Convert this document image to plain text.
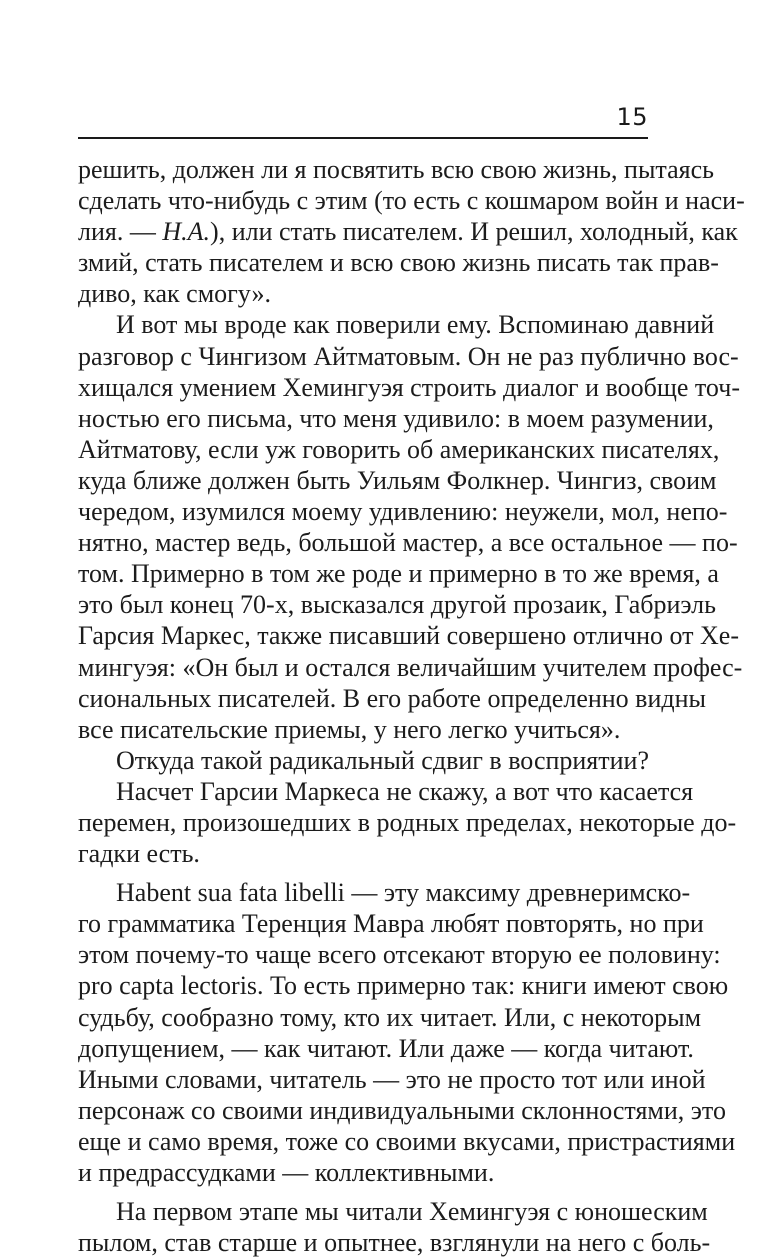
15
решить, должен ли я посвятить всю свою жизнь, пытаясь
сделать что-нибудь с этим (то есть с кошмаром войн и наси-
лия. — Н.А.), или стать писателем. И решил, холодный, как
змий, стать писателем и всю свою жизнь писать так прав-
диво, как смогу».
И вот мы вроде как поверили ему. Вспоминаю давний
разговор с Чингизом Айтматовым. Он не раз публично вос-
хищался умением Хемингуэя строить диалог и вообще точ-
ностью его письма, что меня удивило: в моем разумении,
Айтматову, если уж говорить об американских писателях,
куда ближе должен быть Уильям Фолкнер. Чингиз, своим
чередом, изумился моему удивлению: неужели, мол, непо-
нятно, мастер ведь, большой мастер, а все остальное — по-
том. Примерно в том же роде и примерно в то же время, а
это был конец 70-х, высказался другой прозаик, Габриэль
Гарсия Маркес, также писавший совершено отлично от Хе-
мингуэя: «Он был и остался величайшим учителем профес-
сиональных писателей. В его работе определенно видны
все писательские приемы, у него легко учиться».
Откуда такой радикальный сдвиг в восприятии?
Насчет Гарсии Маркеса не скажу, а вот что касается
перемен, произошедших в родных пределах, некоторые до-
гадки есть.
Habent sua fata libelli — эту максиму древнеримско-
го грамматика Теренция Мавра любят повторять, но при
этом почему-то чаще всего отсекают вторую ее половину:
pro capta lectoris. То есть примерно так: книги имеют свою
судьбу, сообразно тому, кто их читает. Или, с некоторым
допущением, — как читают. Или даже — когда читают.
Иными словами, читатель — это не просто тот или иной
персонаж со своими индивидуальными склонностями, это
еще и само время, тоже со своими вкусами, пристрастиями
и предрассудками — коллективными.
На первом этапе мы читали Хемингуэя с юношеским
пылом, став старше и опытнее, взглянули на него с боль-
